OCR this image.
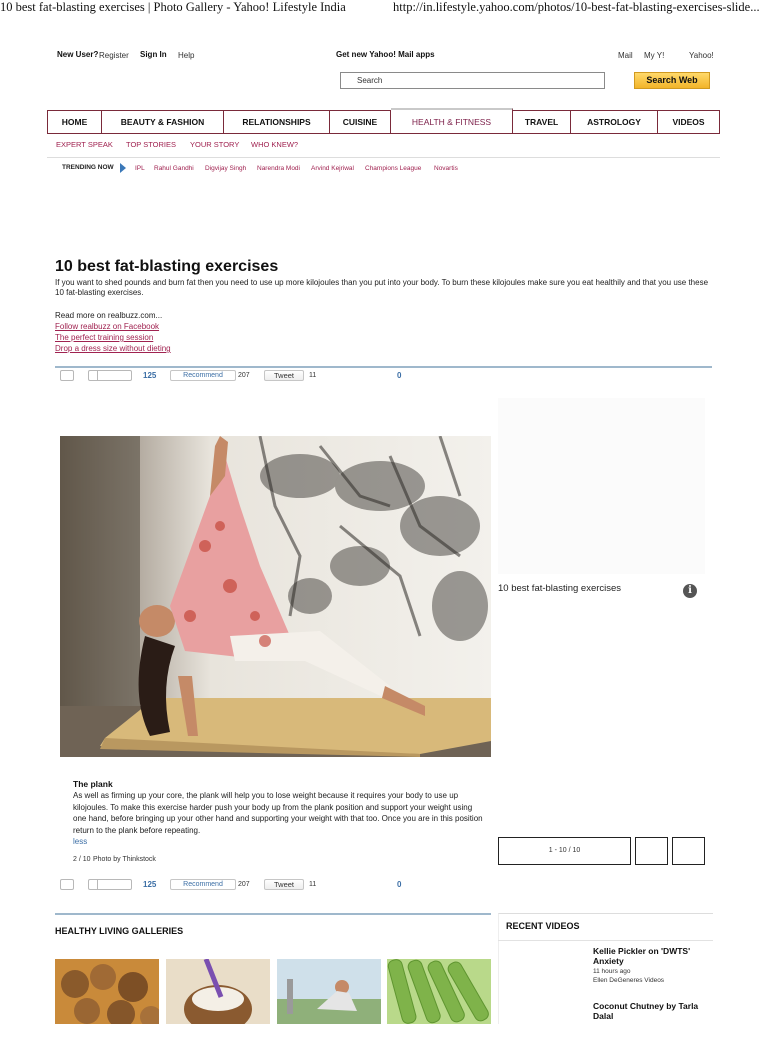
10 best fat-blasting exercises | Photo Gallery - Yahoo! Lifestyle India	http://in.lifestyle.yahoo.com/photos/10-best-fat-blasting-exercises-slide...
New User? Register Sign In Help	Get new Yahoo! Mail apps	Mail My Y!	Yahoo!
Search	Search Web
HOME	BEAUTY & FASHION	RELATIONSHIPS	CUISINE	HEALTH & FITNESS	TRAVEL	ASTROLOGY	VIDEOS
EXPERT SPEAK TOP STORIES YOUR STORY WHO KNEW?
TRENDING NOW	IPL Rahul Gandhi Digvijay Singh Narendra Modi Arvind Kejriwal Champions League Novartis
10 best fat-blasting exercises
If you want to shed pounds and burn fat then you need to use up more kilojoules than you put into your body. To burn these kilojoules make sure you eat healthily and that you use these 10 fat-blasting exercises.
Read more on realbuzz.com...
Follow realbuzz on Facebook
The perfect training session
Drop a dress size without dieting
125	Recommend	207	Tweet	11	0
10 best fat-blasting exercises	i
The plank
As well as firming up your core, the plank will help you to lose weight because it requires your body to use up kilojoules. To make this exercise harder push your body up from the plank position and support your weight using one hand, before bringing up your other hand and supporting your weight with that too. Once you are in this position return to the plank before repeating.
less
2 / 10 Photo by Thinkstock
1 - 10 / 10
125	Recommend	207	Tweet	11	0
HEALTHY LIVING GALLERIES	RECENT VIDEOS
Kellie Pickler on 'DWTS' Anxiety
11 hours ago
Ellen DeGeneres Videos
Coconut Chutney by Tarla Dalal
